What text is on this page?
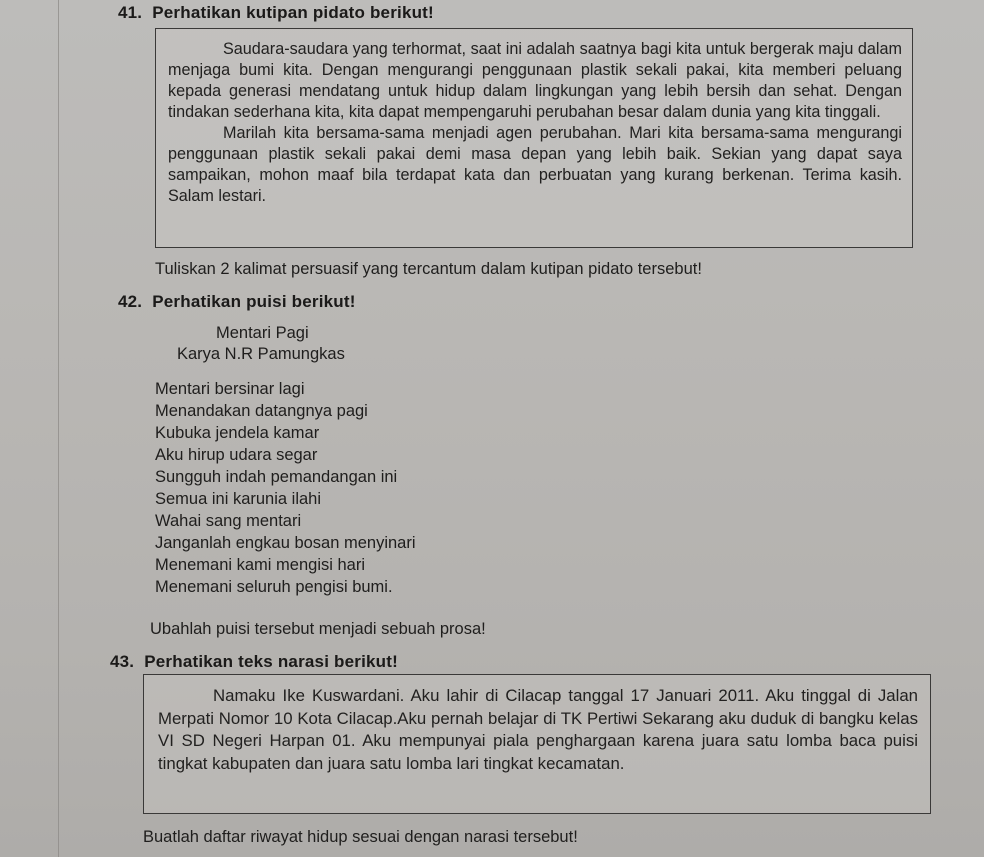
41. Perhatikan kutipan pidato berikut!

Saudara-saudara yang terhormat, saat ini adalah saatnya bagi kita untuk bergerak maju dalam menjaga bumi kita. Dengan mengurangi penggunaan plastik sekali pakai, kita memberi peluang kepada generasi mendatang untuk hidup dalam lingkungan yang lebih bersih dan sehat. Dengan tindakan sederhana kita, kita dapat mempengaruhi perubahan besar dalam dunia yang kita tinggali.

Marilah kita bersama-sama menjadi agen perubahan. Mari kita bersama-sama mengurangi penggunaan plastik sekali pakai demi masa depan yang lebih baik. Sekian yang dapat saya sampaikan, mohon maaf bila terdapat kata dan perbuatan yang kurang berkenan. Terima kasih. Salam lestari.

Tuliskan 2 kalimat persuasif yang tercantum dalam kutipan pidato tersebut!
42. Perhatikan puisi berikut!
Mentari Pagi
Karya N.R Pamungkas
Mentari bersinar lagi
Menandakan datangnya pagi
Kubuka jendela kamar
Aku hirup udara segar
Sungguh indah pemandangan ini
Semua ini karunia ilahi
Wahai sang mentari
Janganlah engkau bosan menyinari
Menemani kami mengisi hari
Menemani seluruh pengisi bumi.
Ubahlah puisi tersebut menjadi sebuah prosa!
43. Perhatikan teks narasi berikut!

Namaku Ike Kuswardani. Aku lahir di Cilacap tanggal 17 Januari 2011. Aku tinggal di Jalan Merpati Nomor 10 Kota Cilacap.Aku pernah belajar di TK Pertiwi Sekarang aku duduk di bangku kelas VI SD Negeri Harpan 01. Aku mempunyai piala penghargaan karena juara satu lomba baca puisi tingkat kabupaten dan juara satu lomba lari tingkat kecamatan.

Buatlah daftar riwayat hidup sesuai dengan narasi tersebut!
